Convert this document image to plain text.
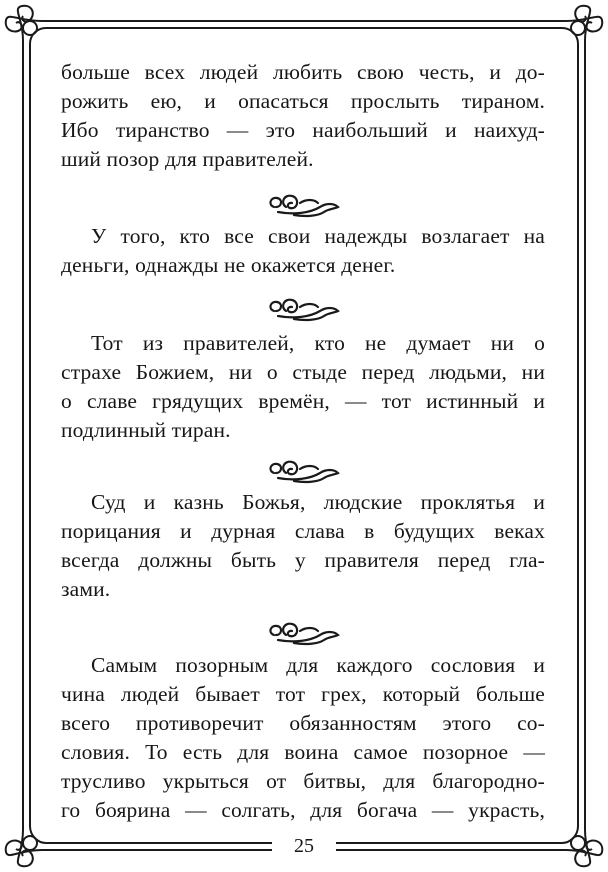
больше всех людей любить свою честь, и до-
рожить ею, и опасаться прослыть тираном.
Ибо тиранство — это наибольший и наихуд-
ший позор для правителей.

У того, кто все свои надежды возлагает на
деньги, однажды не окажется денег.

Тот из правителей, кто не думает ни о
страхе Божием, ни о стыде перед людьми, ни
о славе грядущих времён, — тот истинный и
подлинный тиран.

Суд и казнь Божья, людские проклятья и
порицания и дурная слава в будущих веках
всегда должны быть у правителя перед гла-
зами.

Самым позорным для каждого сословия и
чина людей бывает тот грех, который больше
всего противоречит обязанностям этого со-
словия. То есть для воина самое позорное —
трусливо укрыться от битвы, для благородно-
го боярина — солгать, для богача — украсть,

25
